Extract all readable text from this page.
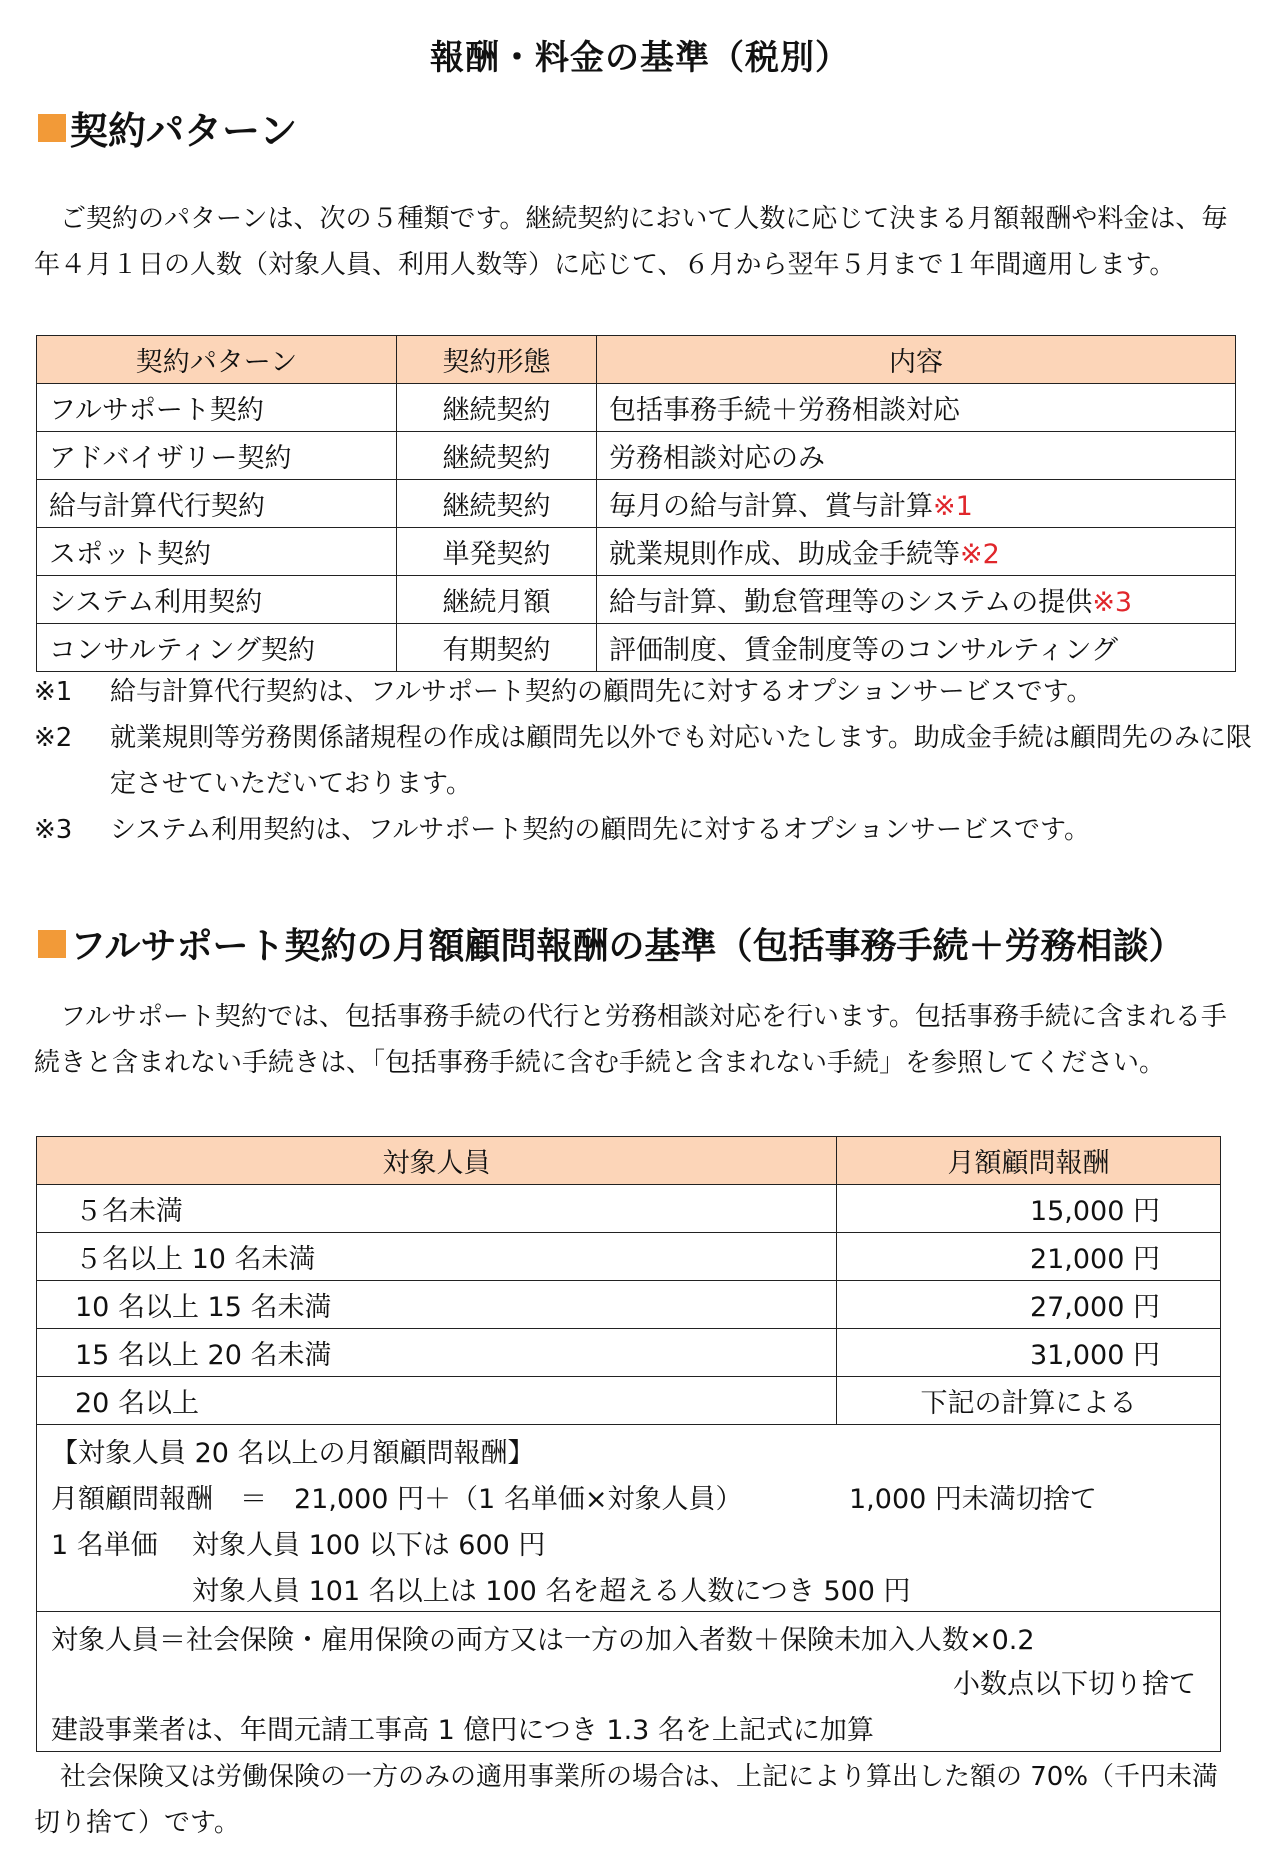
報酬・料金の基準（税別）
契約パターン
ご契約のパターンは、次の５種類です。継続契約において人数に応じて決まる月額報酬や料金は、毎年４月１日の人数（対象人員、利用人数等）に応じて、６月から翌年５月まで１年間適用します。
契約パターン	契約形態	内容
フルサポート契約	継続契約	包括事務手続＋労務相談対応
アドバイザリー契約	継続契約	労務相談対応のみ
給与計算代行契約	継続契約	毎月の給与計算、賞与計算※1
スポット契約	単発契約	就業規則作成、助成金手続等※2
システム利用契約	継続月額	給与計算、勤怠管理等のシステムの提供※3
コンサルティング契約	有期契約	評価制度、賃金制度等のコンサルティング
※1	給与計算代行契約は、フルサポート契約の顧問先に対するオプションサービスです。
※2	就業規則等労務関係諸規程の作成は顧問先以外でも対応いたします。助成金手続は顧問先のみに限定させていただいております。
※3	システム利用契約は、フルサポート契約の顧問先に対するオプションサービスです。
フルサポート契約の月額顧問報酬の基準（包括事務手続＋労務相談）
フルサポート契約では、包括事務手続の代行と労務相談対応を行います。包括事務手続に含まれる手続きと含まれない手続きは、「包括事務手続に含む手続と含まれない手続」を参照してください。
対象人員	月額顧問報酬
５名未満	15,000 円
５名以上 10 名未満	21,000 円
10 名以上 15 名未満	27,000 円
15 名以上 20 名未満	31,000 円
20 名以上	下記の計算による
【対象人員 20 名以上の月額顧問報酬】
月額顧問報酬　＝　21,000 円＋（1 名単価×対象人員）	1,000 円未満切捨て
1 名単価 対象人員 100 以下は 600 円
対象人員 101 名以上は 100 名を超える人数につき 500 円
対象人員＝社会保険・雇用保険の両方又は一方の加入者数＋保険未加入人数×0.2
小数点以下切り捨て
建設事業者は、年間元請工事高 1 億円につき 1.3 名を上記式に加算
社会保険又は労働保険の一方のみの適用事業所の場合は、上記により算出した額の 70%（千円未満切り捨て）です。
